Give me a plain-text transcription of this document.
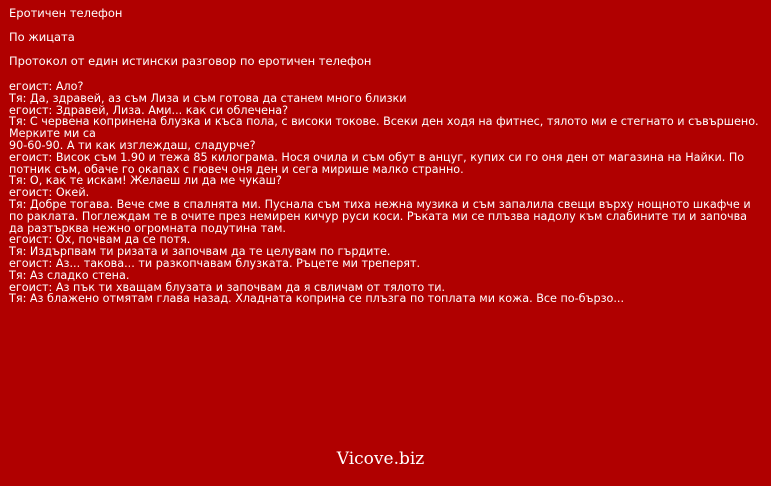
Еротичен телефон
По жицата
Протокол от един истински разговор по еротичен телефон
егоист: Ало?
Тя: Да, здравей, аз съм Лиза и съм готова да станем много близки
егоист: Здравей, Лиза. Ами... как си облечена?
Тя: С червена копринена блузка и къса пола, с високи токове. Всеки ден ходя на фитнес, тялото ми е стегнато и съвършено. Мерките ми са
90-60-90. А ти как изглеждаш, сладурче?
егоист: Висок съм 1.90 и тежа 85 килограма. Нося очила и съм обут в анцуг, купих си го оня ден от магазина на Найки. По потник съм, обаче го окапах с гювеч оня ден и сега мирише малко странно.
Тя: О, как те искам! Желаеш ли да ме чукаш?
егоист: Окей.
Тя: Добре тогава. Вече сме в спалнята ми. Пуснала съм тиха нежна музика и съм запалила свещи върху нощното шкафче и по раклата. Поглеждам те в очите през немирен кичур руси коси. Ръката ми се плъзва надолу към слабините ти и започва да разтърква нежно огромната подутина там.
егоист: Ох, почвам да се потя.
Тя: Издърпвам ти ризата и започвам да те целувам по гърдите.
егоист: Аз... такова... ти разкопчавам блузката. Ръцете ми треперят.
Тя: Аз сладко стена.
егоист: Аз пък ти хващам блузата и започвам да я свличам от тялото ти.
Тя: Аз блажено отмятам глава назад. Хладната коприна се плъзга по топлата ми кожа. Все по-бързо...
Vicove.biz
